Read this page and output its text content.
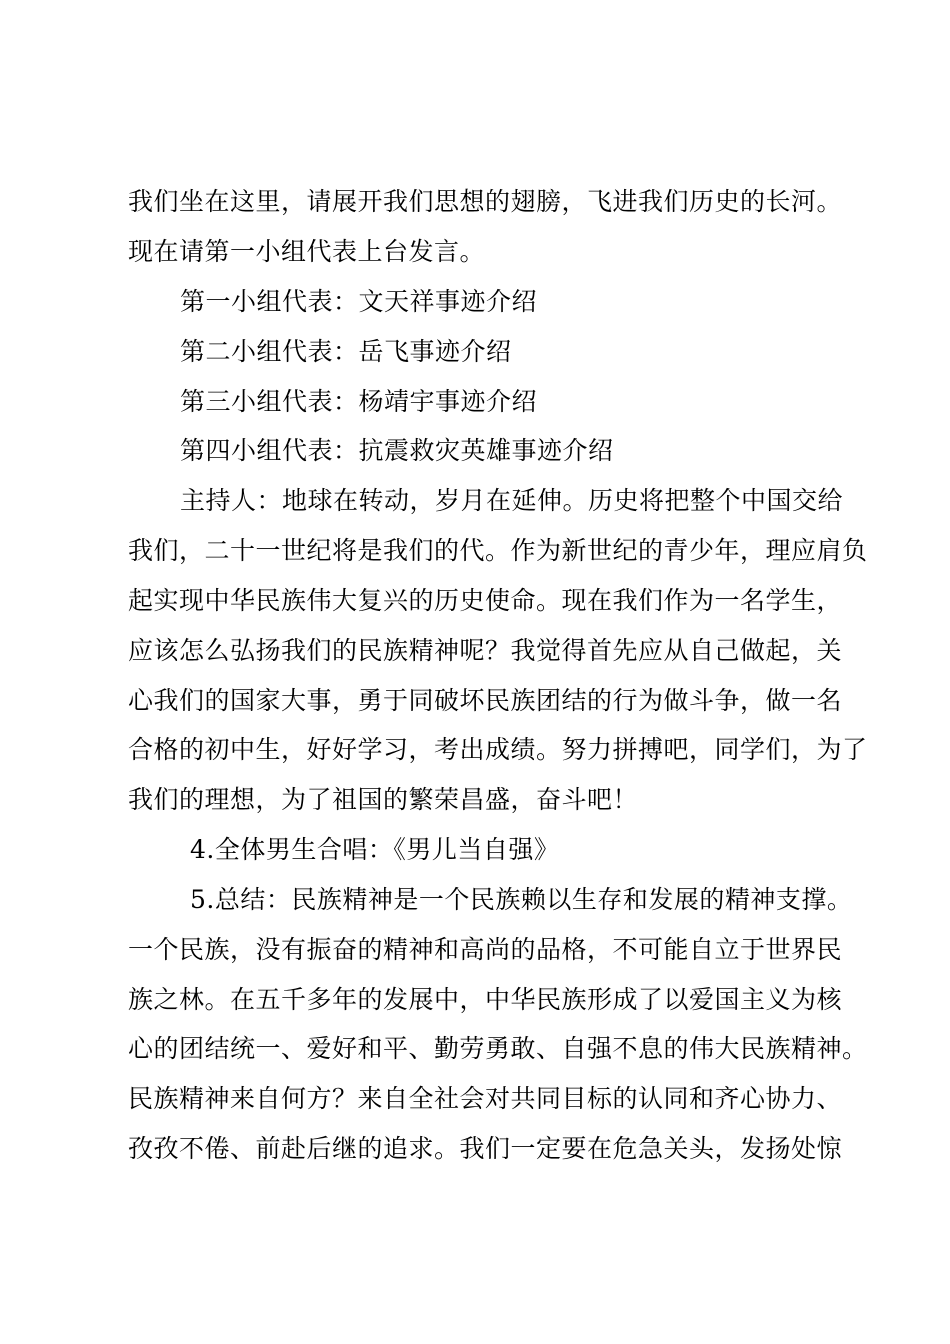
我们坐在这里，请展开我们思想的翅膀，飞进我们历史的长河。
现在请第一小组代表上台发言。
第一小组代表：文天祥事迹介绍
第二小组代表：岳飞事迹介绍
第三小组代表：杨靖宇事迹介绍
第四小组代表：抗震救灾英雄事迹介绍
主持人：地球在转动，岁月在延伸。历史将把整个中国交给
我们，二十一世纪将是我们的代。作为新世纪的青少年，理应肩负
起实现中华民族伟大复兴的历史使命。现在我们作为一名学生，
应该怎么弘扬我们的民族精神呢？我觉得首先应从自己做起，关
心我们的国家大事，勇于同破坏民族团结的行为做斗争，做一名
合格的初中生，好好学习，考出成绩。努力拼搏吧，同学们，为了
我们的理想，为了祖国的繁荣昌盛，奋斗吧！
4.全体男生合唱：《男儿当自强》
5.总结：民族精神是一个民族赖以生存和发展的精神支撑。
一个民族，没有振奋的精神和高尚的品格，不可能自立于世界民
族之林。在五千多年的发展中，中华民族形成了以爱国主义为核
心的团结统一、爱好和平、勤劳勇敢、自强不息的伟大民族精神。
民族精神来自何方？来自全社会对共同目标的认同和齐心协力、
孜孜不倦、前赴后继的追求。我们一定要在危急关头，发扬处惊
